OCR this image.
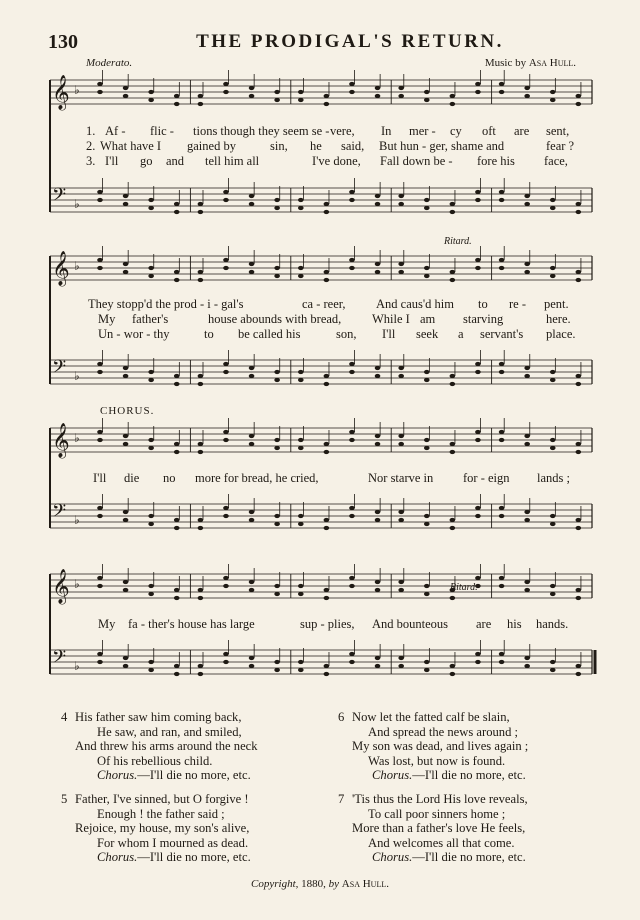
130	THE PRODIGAL'S RETURN.
Moderato.	Music by Asa Hull.
𝄞 ♭
𝄢 ♭
𝄞 ♭
𝄢 ♭
𝄞 ♭
𝄢 ♭
𝄞 ♭
𝄢 ♭
Ritard.
Ritard.
CHORUS.
1. Af - flic - tions though they seem se - vere, In mer - cy oft are sent,
2. What have I gained by	sin, he said, But hun - ger, shame and	fear ?
3. I'll go and tell him all	I've done, Fall down be - fore his face,
They stopp'd the prod - i - gal's	ca - reer, And caus'd him to re - pent.
My father's	house abounds with bread, While I am starving	here.
Un - wor - thy	to be called his	son, I'll seek a servant's place.
I'll die no more for bread, he cried,	Nor starve in for - eign lands ;
My fa - ther's house has large	sup - plies, And bounteous are his hands.
4 His father saw him coming back,
He saw, and ran, and smiled,
And threw his arms around the neck
Of his rebellious child.
Chorus.—I'll die no more, etc.
5 Father, I've sinned, but O forgive !
Enough ! the father said ;
Rejoice, my house, my son's alive,
For whom I mourned as dead.
Chorus.—I'll die no more, etc.
6 Now let the fatted calf be slain,
And spread the news around ;
My son was dead, and lives again ;
Was lost, but now is found.
Chorus.—I'll die no more, etc.
7 'Tis thus the Lord His love reveals,
To call poor sinners home ;
More than a father's love He feels,
And welcomes all that come.
Chorus.—I'll die no more, etc.
Copyright, 1880, by Asa Hull.
